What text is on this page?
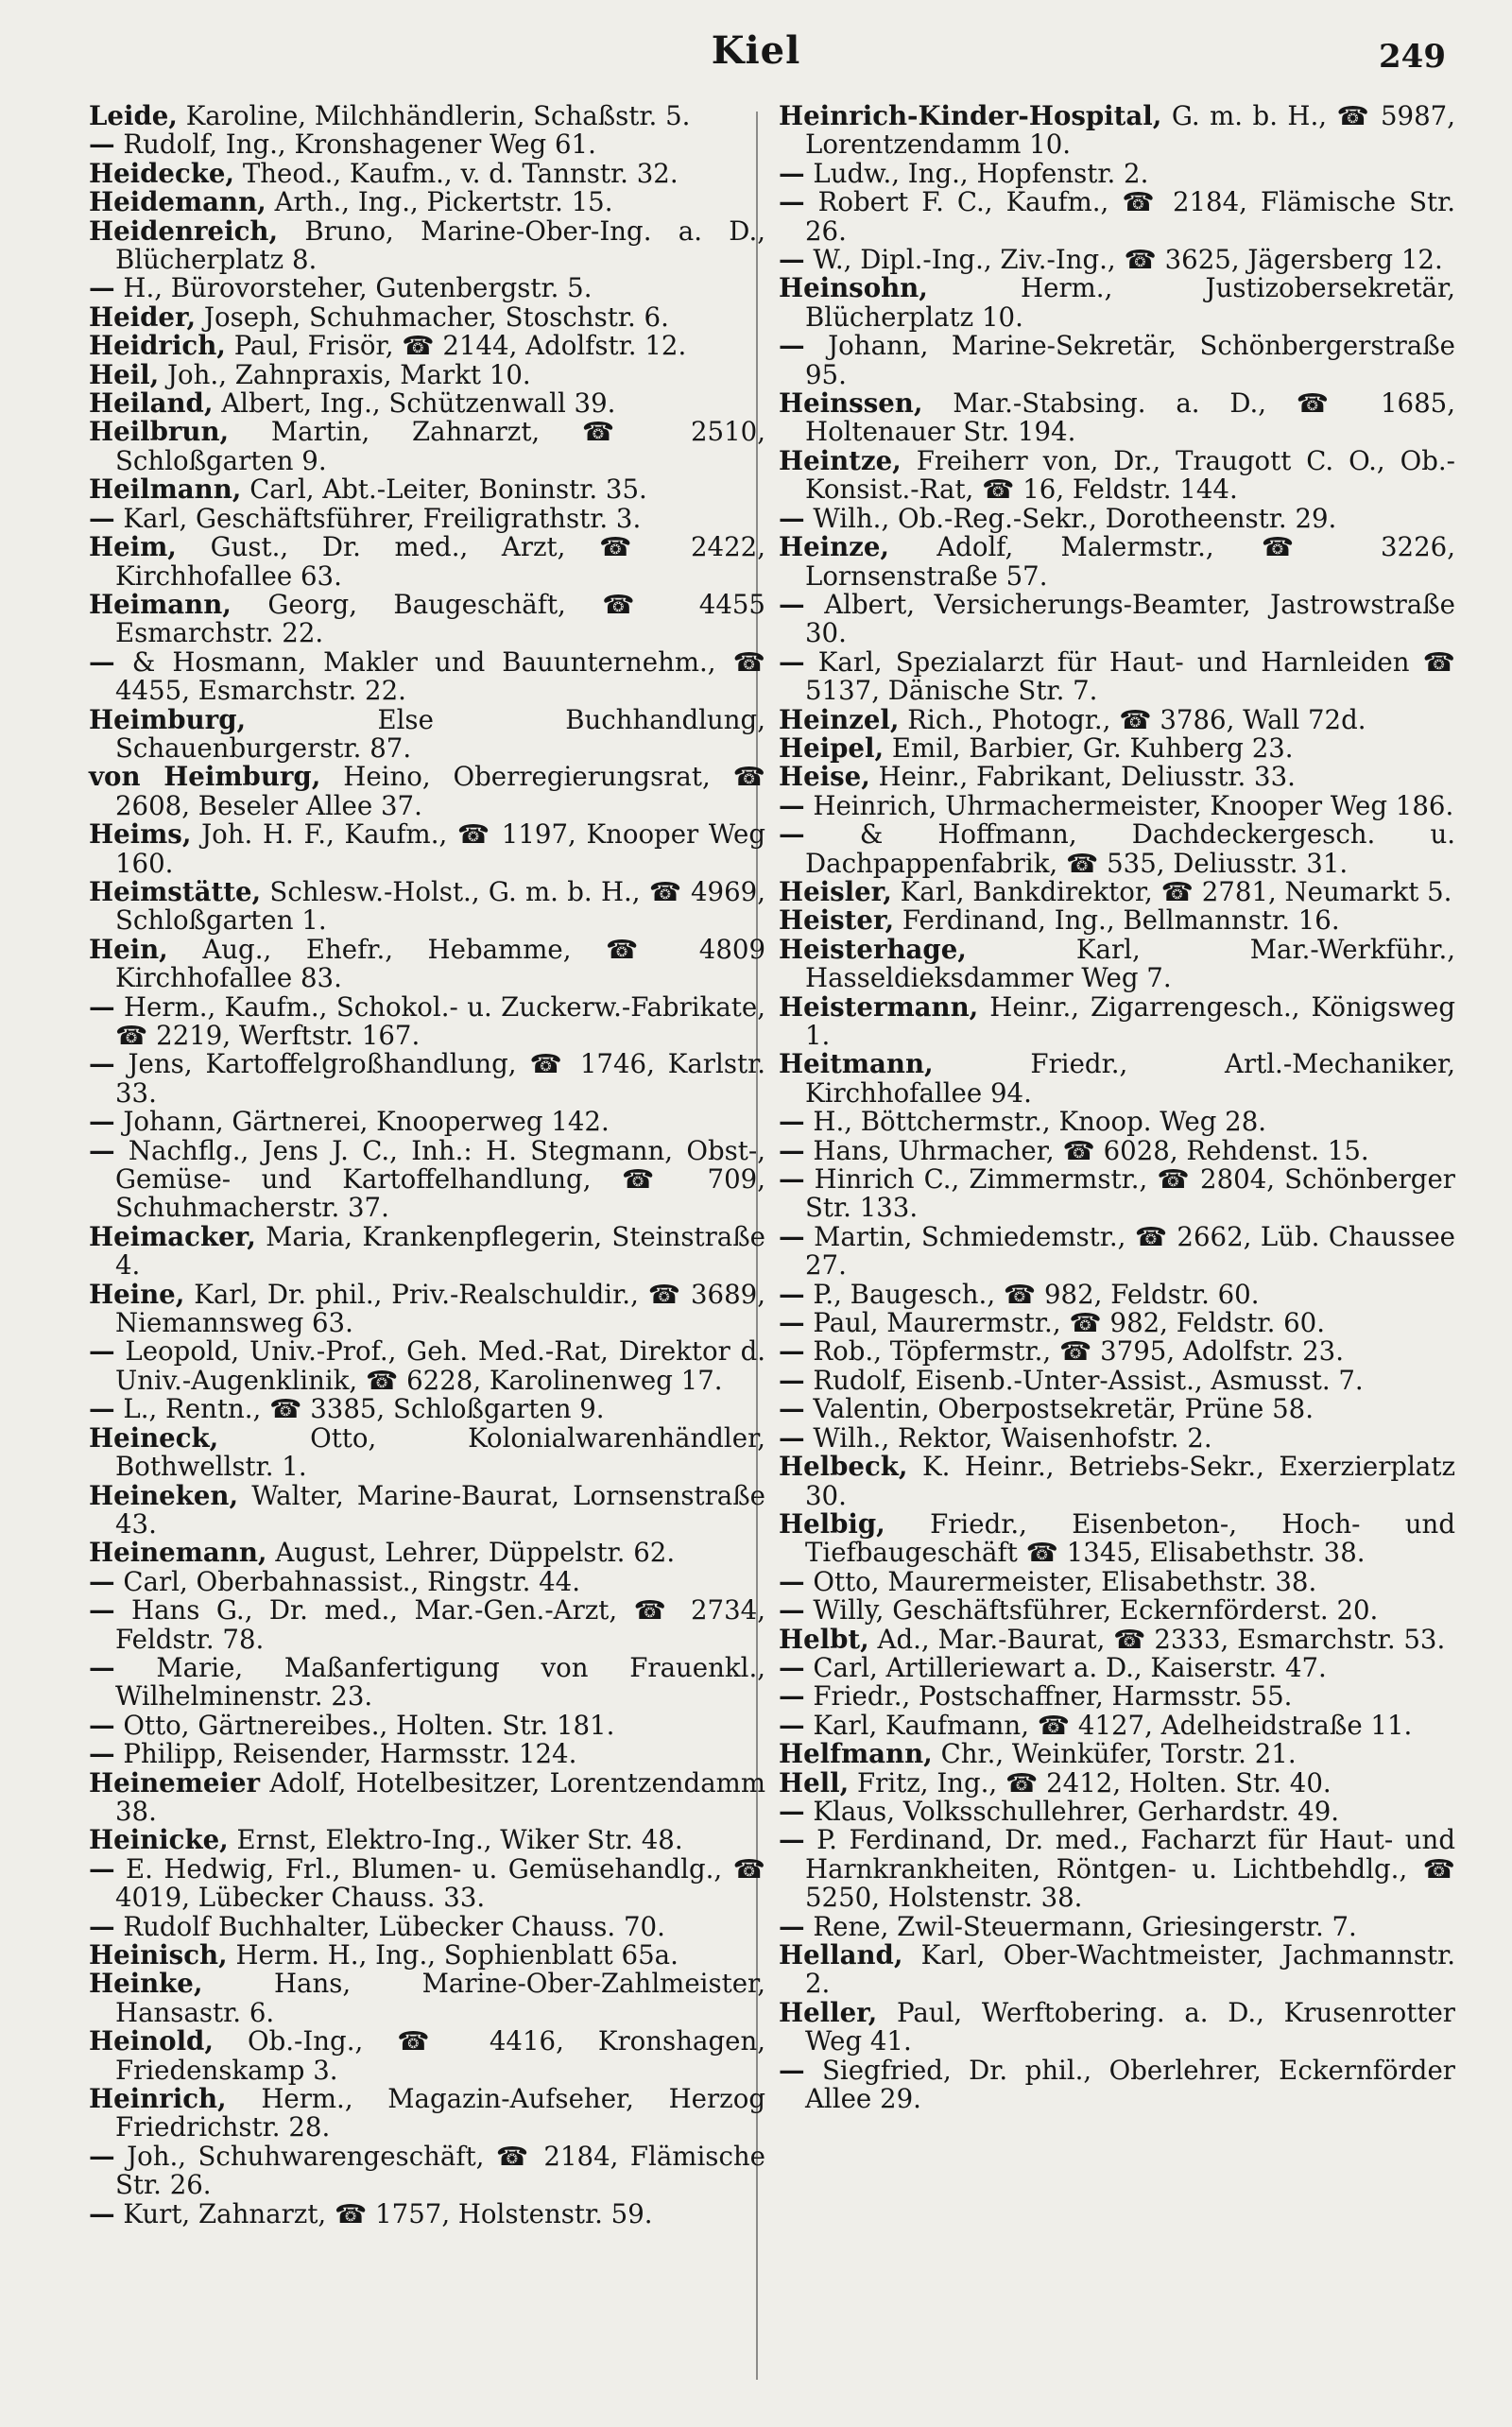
Kiel	249

Leide, Karoline, Milchhändlerin, Schaßstr. 5.

— Rudolf, Ing., Kronshagener Weg 61.

Heidecke, Theod., Kaufm., v. d. Tannstr. 32.

Heidemann, Arth., Ing., Pickertstr. 15.

Heidenreich, Bruno, Marine-Ober-Ing. a. D., Blücherplatz 8.

— H., Bürovorsteher, Gutenbergstr. 5.

Heider, Joseph, Schuhmacher, Stoschstr. 6.

Heidrich, Paul, Frisör, ☎ 2144, Adolfstr. 12.

Heil, Joh., Zahnpraxis, Markt 10.

Heiland, Albert, Ing., Schützenwall 39.

Heilbrun, Martin, Zahnarzt, ☎ 2510, Schloßgarten 9.

Heilmann, Carl, Abt.-Leiter, Boninstr. 35.

— Karl, Geschäftsführer, Freiligrathstr. 3.

Heim, Gust., Dr. med., Arzt, ☎ 2422, Kirchhofallee 63.

Heimann, Georg, Baugeschäft, ☎ 4455 Esmarchstr. 22.

— & Hosmann, Makler und Bauunternehm., ☎ 4455, Esmarchstr. 22.

Heimburg,	Else Buchhandlung, Schauenburgerstr. 87.

von Heimburg, Heino, Oberregierungsrat, ☎ 2608, Beseler Allee 37.

Heims, Joh. H. F., Kaufm., ☎ 1197, Knooper Weg 160.

Heimstätte, Schlesw.-Holst., G. m. b. H., ☎ 4969, Schloßgarten 1.

Hein, Aug., Ehefr., Hebamme, ☎ 4809 Kirchhofallee 83.

— Herm., Kaufm., Schokol.- u. Zuckerw.-Fabrikate, ☎ 2219, Werftstr. 167.

— Jens, Kartoffelgroßhandlung, ☎ 1746, Karlstr. 33.

— Johann, Gärtnerei, Knooperweg 142.

— Nachflg., Jens J. C., Inh.: H. Stegmann, Obst-, Gemüse- und Kartoffelhandlung, ☎ 709, Schuhmacherstr. 37.

Heimacker, Maria, Krankenpflegerin, Steinstraße 4.

Heine, Karl, Dr. phil., Priv.-Realschuldir., ☎ 3689, Niemannsweg 63.

— Leopold, Univ.-Prof., Geh. Med.-Rat, Direktor d. Univ.-Augenklinik, ☎ 6228, Karolinenweg 17.

— L., Rentn., ☎ 3385, Schloßgarten 9.

Heineck,	Otto, Kolonialwarenhändler, Bothwellstr. 1.

Heineken, Walter, Marine-Baurat, Lornsenstraße 43.

Heinemann, August, Lehrer, Düppelstr. 62.

— Carl, Oberbahnassist., Ringstr. 44.

— Hans G., Dr. med., Mar.-Gen.-Arzt, ☎ 2734, Feldstr. 78.

— Marie, Maßanfertigung von Frauenkl., Wilhelminenstr. 23.

— Otto, Gärtnereibes., Holten. Str. 181.

— Philipp, Reisender, Harmsstr. 124.

Heinemeier Adolf, Hotelbesitzer, Lorentzendamm 38.

Heinicke, Ernst, Elektro-Ing., Wiker Str. 48.

— E. Hedwig, Frl., Blumen- u. Gemüsehandlg., ☎ 4019, Lübecker Chauss. 33.

— Rudolf Buchhalter, Lübecker Chauss. 70.

Heinisch, Herm. H., Ing., Sophienblatt 65a.

Heinke,	Hans, Marine-Ober-Zahlmeister, Hansastr. 6.

Heinold, Ob.-Ing., ☎ 4416, Kronshagen, Friedenskamp 3.

Heinrich, Herm., Magazin-Aufseher, Herzog Friedrichstr. 28.

— Joh., Schuhwarengeschäft, ☎ 2184, Flämische Str. 26.

— Kurt, Zahnarzt, ☎ 1757, Holstenstr. 59.

Heinrich-Kinder-Hospital, G. m. b. H., ☎ 5987, Lorentzendamm 10.

— Ludw., Ing., Hopfenstr. 2.

— Robert F. C., Kaufm., ☎ 2184, Flämische Str. 26.

— W., Dipl.-Ing., Ziv.-Ing., ☎ 3625, Jägersberg 12.

Heinsohn,	Herm., Justizobersekretär, Blücherplatz 10.

— Johann, Marine-Sekretär, Schönbergerstraße 95.

Heinssen, Mar.-Stabsing. a. D., ☎ 1685, Holtenauer Str. 194.

Heintze, Freiherr von, Dr., Traugott C. O., Ob.-Konsist.-Rat, ☎ 16, Feldstr. 144.

— Wilh., Ob.-Reg.-Sekr., Dorotheenstr. 29.

Heinze, Adolf, Malermstr., ☎ 3226, Lornsenstraße 57.

— Albert, Versicherungs-Beamter, Jastrowstraße 30.

— Karl, Spezialarzt für Haut- und Harnleiden ☎ 5137, Dänische Str. 7.

Heinzel, Rich., Photogr., ☎ 3786, Wall 72d.

Heipel, Emil, Barbier, Gr. Kuhberg 23.

Heise, Heinr., Fabrikant, Deliusstr. 33.

— Heinrich, Uhrmachermeister, Knooper Weg 186.

— & Hoffmann, Dachdeckergesch. u. Dachpappenfabrik, ☎ 535, Deliusstr. 31.

Heisler, Karl, Bankdirektor, ☎ 2781, Neumarkt 5.

Heister, Ferdinand, Ing., Bellmannstr. 16.

Heisterhage,	Karl, Mar.-Werkführ., Hasseldieksdammer Weg 7.

Heistermann, Heinr., Zigarrengesch., Königsweg 1.

Heitmann,	Friedr., Artl.-Mechaniker, Kirchhofallee 94.

— H., Böttchermstr., Knoop. Weg 28.

— Hans, Uhrmacher, ☎ 6028, Rehdenst. 15.

— Hinrich C., Zimmermstr., ☎ 2804, Schönberger Str. 133.

— Martin, Schmiedemstr., ☎ 2662, Lüb. Chaussee 27.

— P., Baugesch., ☎ 982, Feldstr. 60.

— Paul, Maurermstr., ☎ 982, Feldstr. 60.

— Rob., Töpfermstr., ☎ 3795, Adolfstr. 23.

— Rudolf, Eisenb.-Unter-Assist., Asmusst. 7.

— Valentin, Oberpostsekretär, Prüne 58.

— Wilh., Rektor, Waisenhofstr. 2.

Helbeck, K. Heinr., Betriebs-Sekr., Exerzierplatz 30.

Helbig, Friedr., Eisenbeton-, Hoch- und Tiefbaugeschäft ☎ 1345, Elisabethstr. 38.

— Otto, Maurermeister, Elisabethstr. 38.

— Willy, Geschäftsführer, Eckernförderst. 20.

Helbt, Ad., Mar.-Baurat, ☎ 2333, Esmarchstr. 53.

— Carl, Artilleriewart a. D., Kaiserstr. 47.

— Friedr., Postschaffner, Harmsstr. 55.

— Karl, Kaufmann, ☎ 4127, Adelheidstraße 11.

Helfmann, Chr., Weinküfer, Torstr. 21.

Hell, Fritz, Ing., ☎ 2412, Holten. Str. 40.

— Klaus, Volksschullehrer, Gerhardstr. 49.

— P. Ferdinand, Dr. med., Facharzt für Haut- und Harnkrankheiten, Röntgen- u. Lichtbehdlg., ☎ 5250, Holstenstr. 38.

— Rene, Zwil-Steuermann, Griesingerstr. 7.

Helland, Karl, Ober-Wachtmeister, Jachmannstr. 2.

Heller, Paul, Werftobering. a. D., Krusenrotter Weg 41.

— Siegfried, Dr. phil., Oberlehrer, Eckernförder Allee 29.
